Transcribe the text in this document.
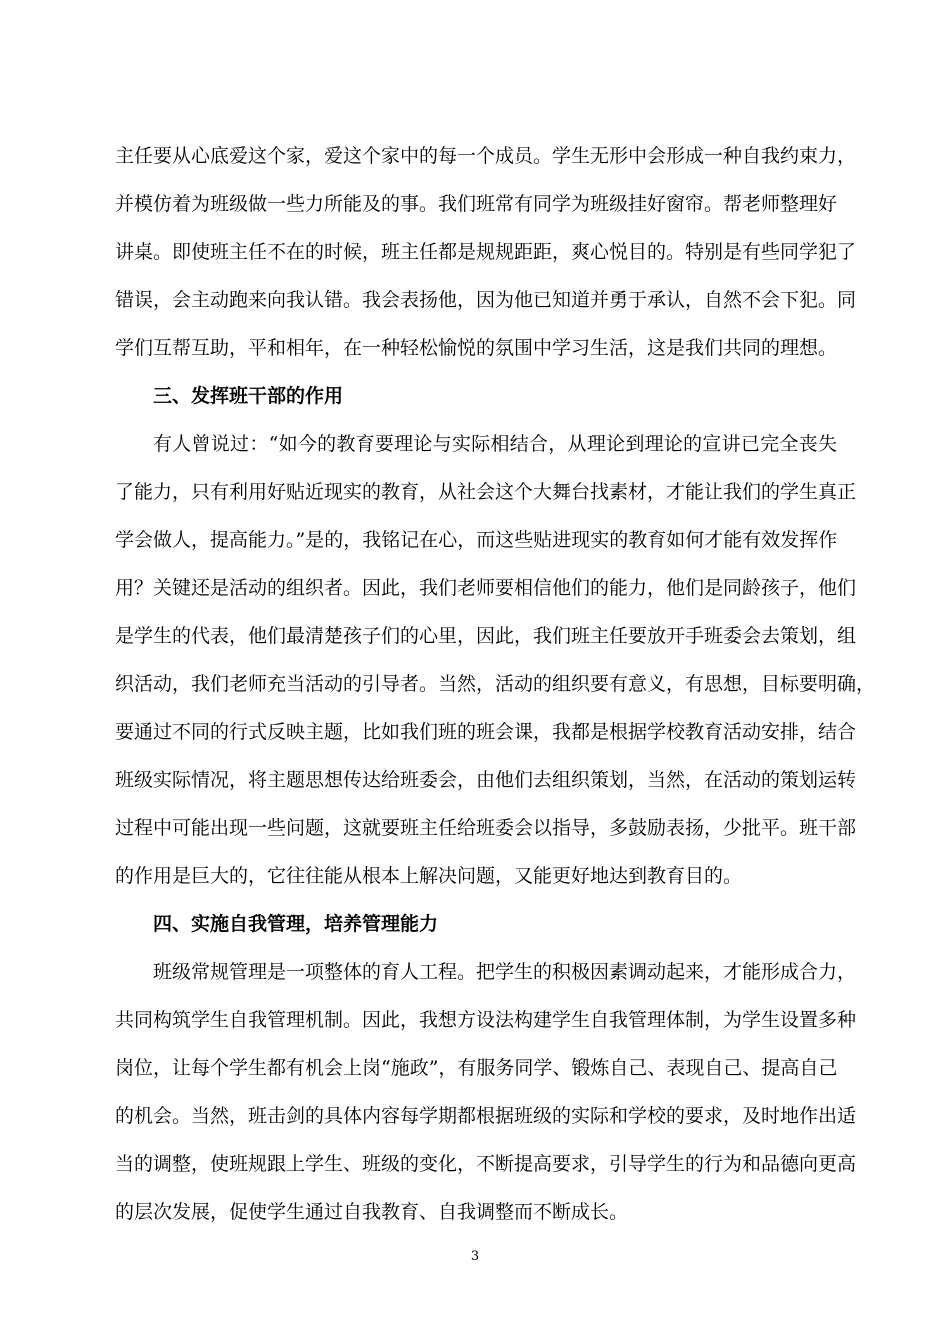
主任要从心底爱这个家，爱这个家中的每一个成员。学生无形中会形成一种自我约束力，
并模仿着为班级做一些力所能及的事。我们班常有同学为班级挂好窗帘。帮老师整理好
讲桌。即使班主任不在的时候，班主任都是规规距距，爽心悦目的。特别是有些同学犯了
错误，会主动跑来向我认错。我会表扬他，因为他已知道并勇于承认，自然不会下犯。同
学们互帮互助，平和相年，在一种轻松愉悦的氛围中学习生活，这是我们共同的理想。
三、发挥班干部的作用
有人曾说过：“如今的教育要理论与实际相结合，从理论到理论的宣讲已完全丧失
了能力，只有利用好贴近现实的教育，从社会这个大舞台找素材，才能让我们的学生真正
学会做人，提高能力。”是的，我铭记在心，而这些贴进现实的教育如何才能有效发挥作
用？关键还是活动的组织者。因此，我们老师要相信他们的能力，他们是同龄孩子，他们
是学生的代表，他们最清楚孩子们的心里，因此，我们班主任要放开手班委会去策划，组
织活动，我们老师充当活动的引导者。当然，活动的组织要有意义，有思想，目标要明确，
要通过不同的行式反映主题，比如我们班的班会课，我都是根据学校教育活动安排，结合
班级实际情况，将主题思想传达给班委会，由他们去组织策划，当然，在活动的策划运转
过程中可能出现一些问题，这就要班主任给班委会以指导，多鼓励表扬，少批平。班干部
的作用是巨大的，它往往能从根本上解决问题，又能更好地达到教育目的。
四、实施自我管理，培养管理能力
班级常规管理是一项整体的育人工程。把学生的积极因素调动起来，才能形成合力，
共同构筑学生自我管理机制。因此，我想方设法构建学生自我管理体制，为学生设置多种
岗位，让每个学生都有机会上岗“施政”，有服务同学、锻炼自己、表现自己、提高自己
的机会。当然，班击剑的具体内容每学期都根据班级的实际和学校的要求，及时地作出适
当的调整，使班规跟上学生、班级的变化，不断提高要求，引导学生的行为和品德向更高
的层次发展，促使学生通过自我教育、自我调整而不断成长。
3
